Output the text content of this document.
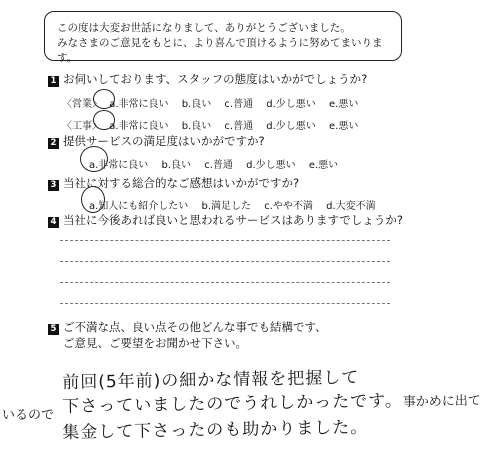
この度は大変お世話になりまして、ありがとうございました。
みなさまのご意見をもとに、より喜んで頂けるように努めてまいります。
1 お伺いしております、スタッフの態度はいかがでしょうか?
〈営業〉 a.非常に良い b.良い c.普通 d.少し悪い e.悪い
〈工事〉 a.非常に良い b.良い c.普通 d.少し悪い e.悪い
2 提供サービスの満足度はいかがですか?
a.非常に良い b.良い c.普通 d.少し悪い e.悪い
3 当社に対する総合的なご感想はいかがですか?
a.知人にも紹介したい b.満足した c.やや不満 d.大変不満
4 当社に今後あれば良いと思われるサービスはありますでしょうか?
5 ご不満な点、良い点その他どんな事でも結構です、
ご意見、ご要望をお聞かせ下さい。
前回(5年前)の細かな情報を把握して
下さっていましたのでうれしかったです。事かめに出て
いるので
集金して下さったのも助かりました。
